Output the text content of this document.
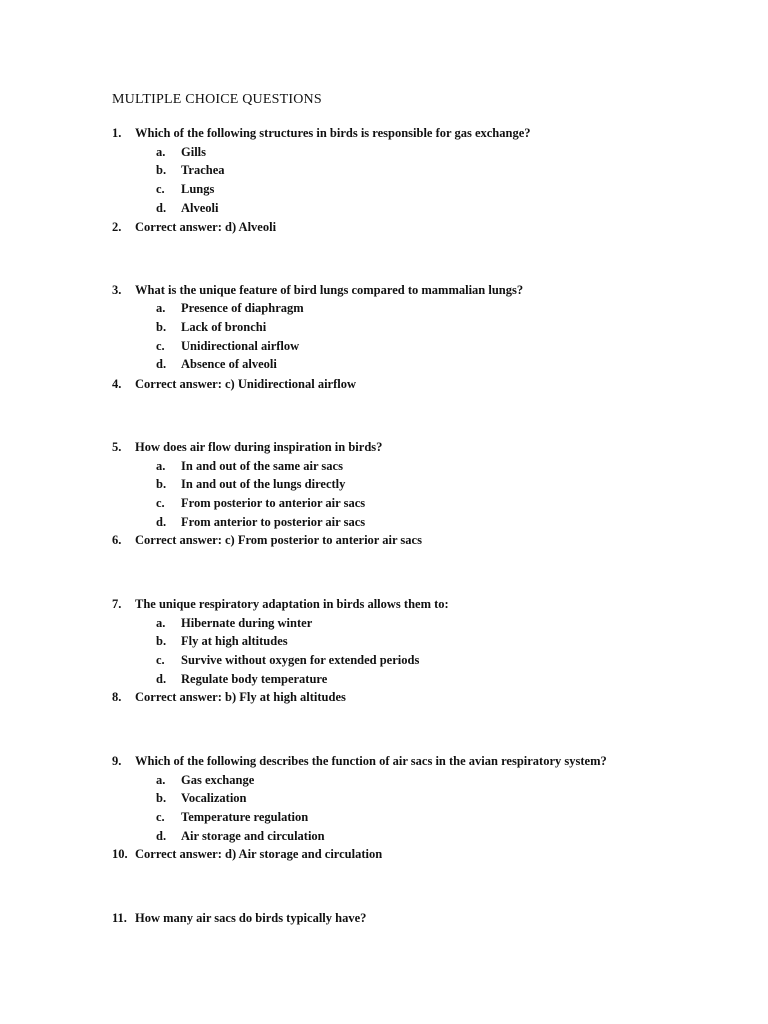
MULTIPLE CHOICE QUESTIONS
1.	Which of the following structures in birds is responsible for gas exchange?
a.	Gills
b.	Trachea
c.	Lungs
d.	Alveoli
2.	Correct answer: d) Alveoli
3.	What is the unique feature of bird lungs compared to mammalian lungs?
a.	Presence of diaphragm
b.	Lack of bronchi
c.	Unidirectional airflow
d.	Absence of alveoli
4.	Correct answer: c) Unidirectional airflow
5.	How does air flow during inspiration in birds?
a.	In and out of the same air sacs
b.	In and out of the lungs directly
c.	From posterior to anterior air sacs
d.	From anterior to posterior air sacs
6.	Correct answer: c) From posterior to anterior air sacs
7.	The unique respiratory adaptation in birds allows them to:
a.	Hibernate during winter
b.	Fly at high altitudes
c.	Survive without oxygen for extended periods
d.	Regulate body temperature
8.	Correct answer: b) Fly at high altitudes
9.	Which of the following describes the function of air sacs in the avian respiratory system?
a.	Gas exchange
b.	Vocalization
c.	Temperature regulation
d.	Air storage and circulation
10. Correct answer: d) Air storage and circulation
11. How many air sacs do birds typically have?
